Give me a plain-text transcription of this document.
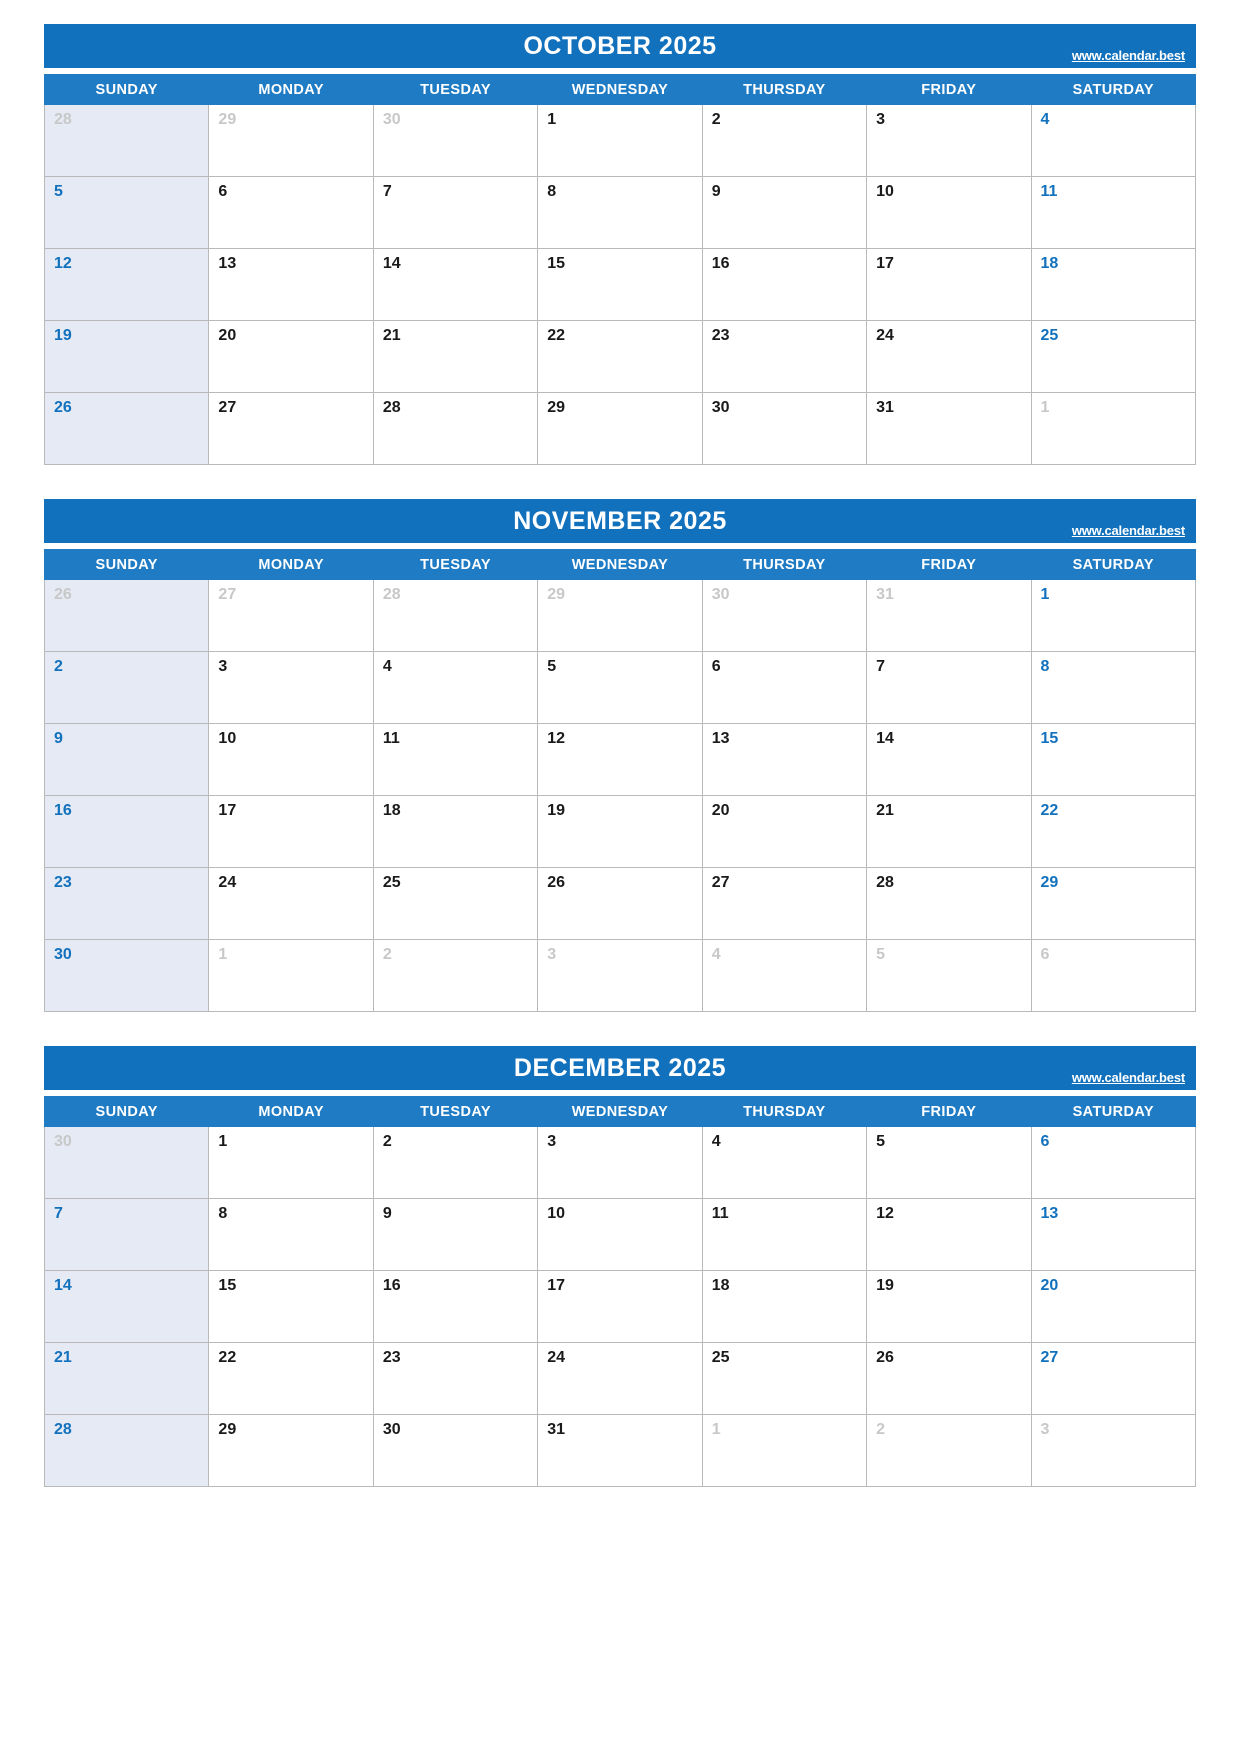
OCTOBER 2025	www.calendar.best
SUNDAY	MONDAY	TUESDAY	WEDNESDAY	THURSDAY	FRIDAY	SATURDAY
28	29	30	1	2	3	4
5	6	7	8	9	10	11
12	13	14	15	16	17	18
19	20	21	22	23	24	25
26	27	28	29	30	31	1
NOVEMBER 2025	www.calendar.best
SUNDAY	MONDAY	TUESDAY	WEDNESDAY	THURSDAY	FRIDAY	SATURDAY
26	27	28	29	30	31	1
2	3	4	5	6	7	8
9	10	11	12	13	14	15
16	17	18	19	20	21	22
23	24	25	26	27	28	29
30	1	2	3	4	5	6
DECEMBER 2025	www.calendar.best
SUNDAY	MONDAY	TUESDAY	WEDNESDAY	THURSDAY	FRIDAY	SATURDAY
30	1	2	3	4	5	6
7	8	9	10	11	12	13
14	15	16	17	18	19	20
21	22	23	24	25	26	27
28	29	30	31	1	2	3
